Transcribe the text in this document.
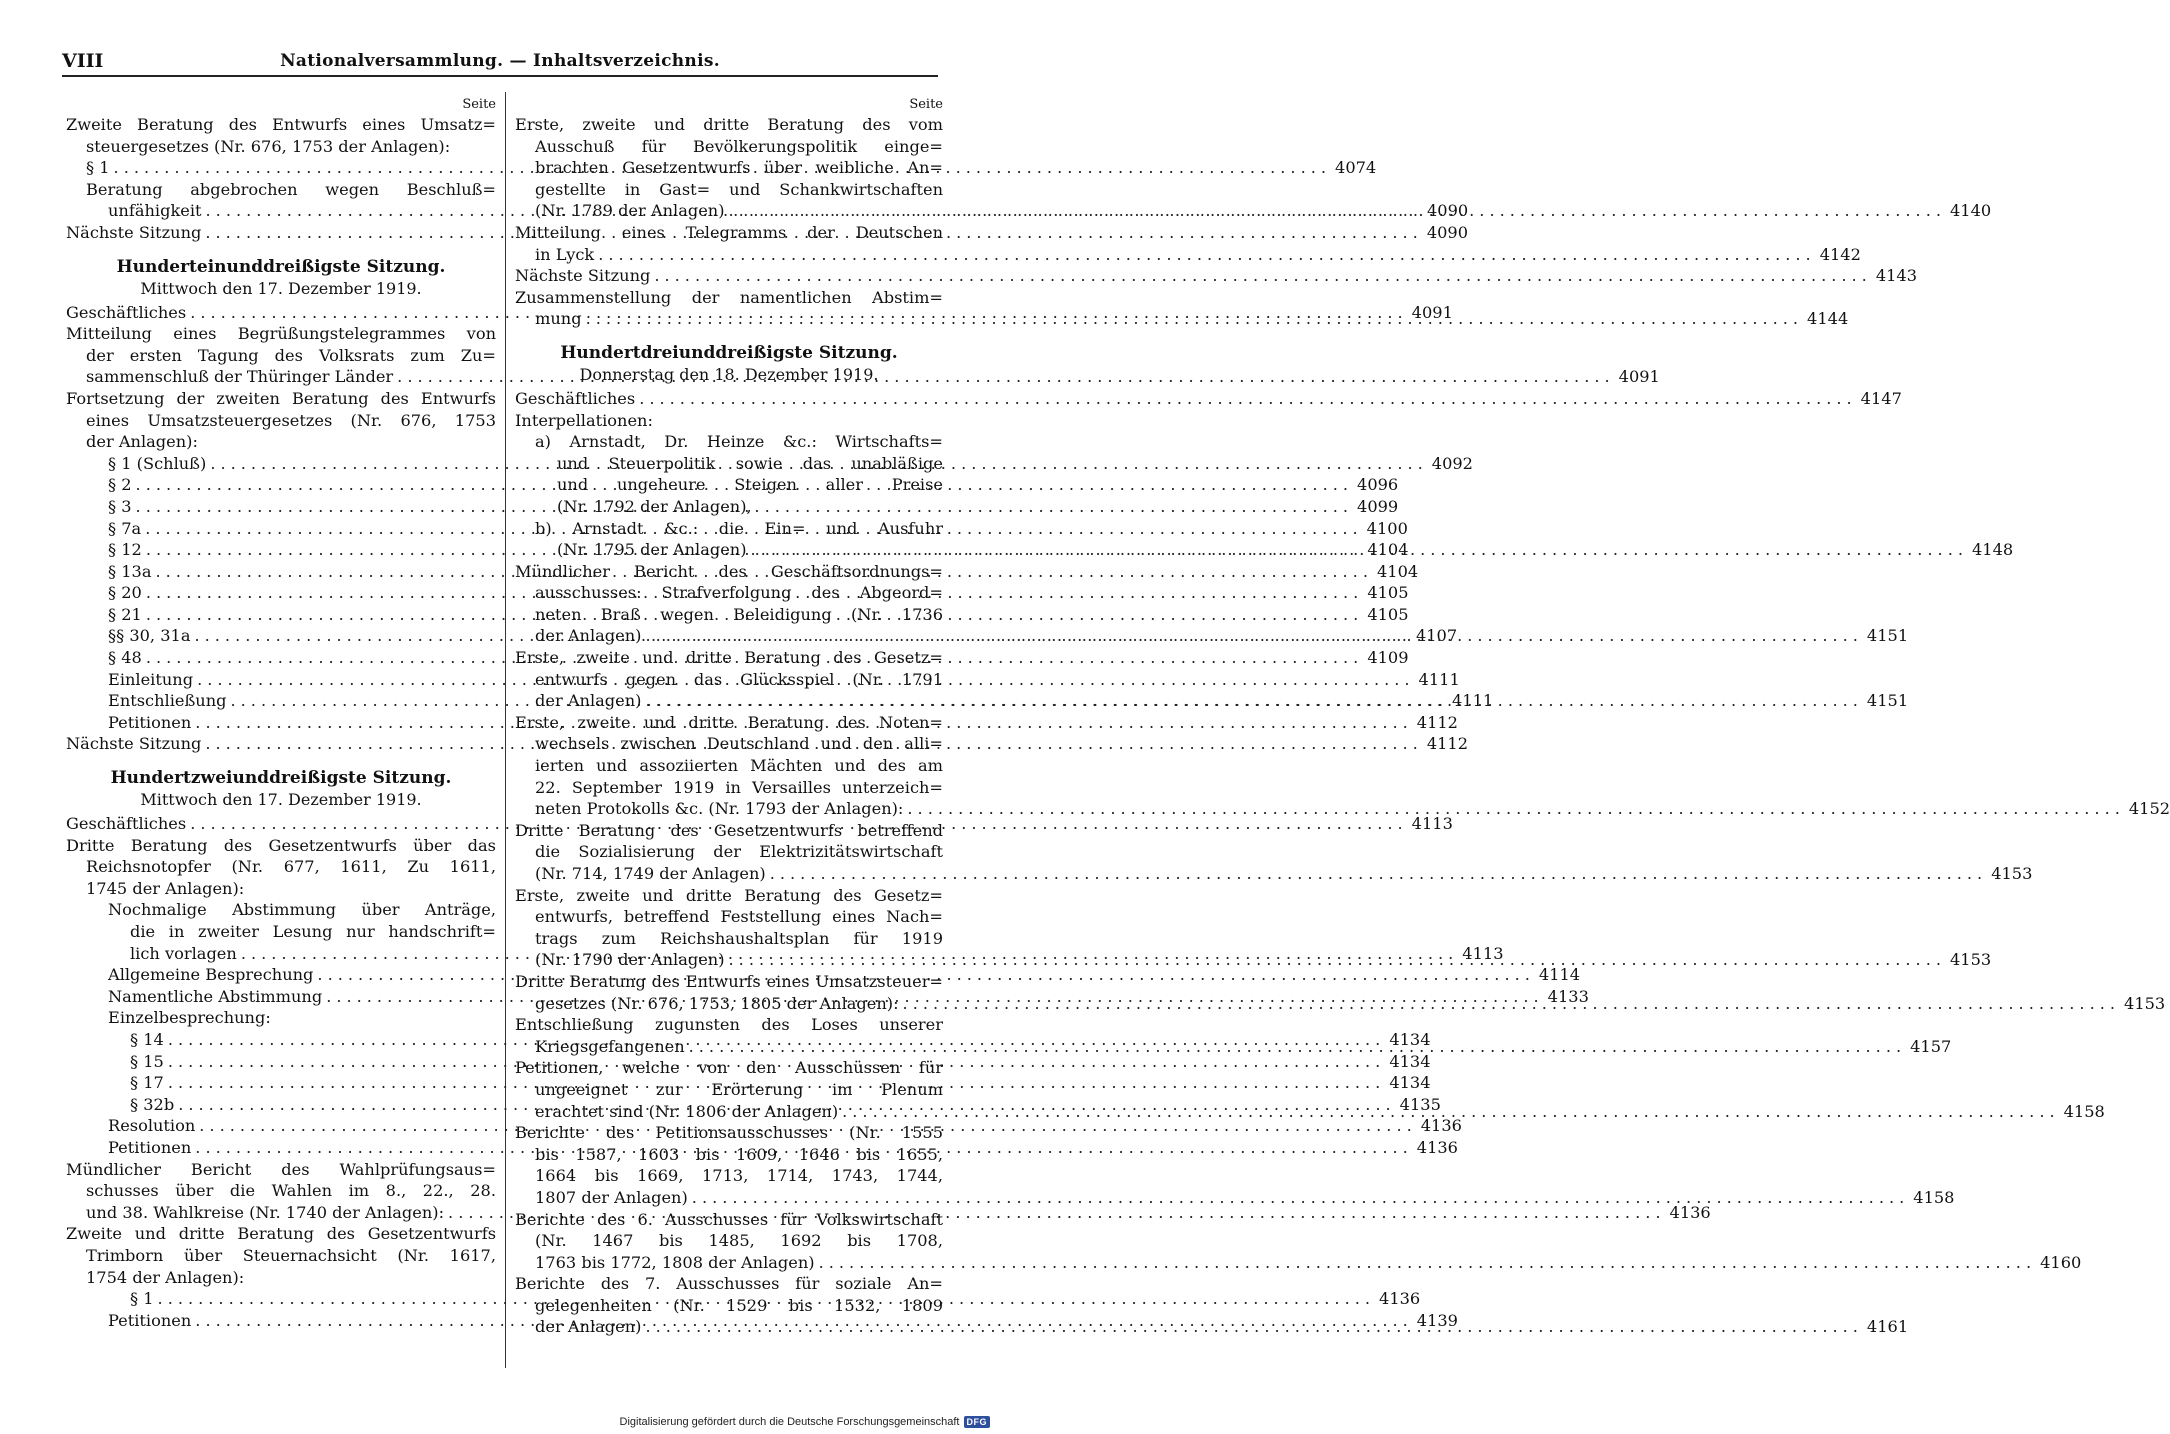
VIII	Nationalversammlung. — Inhaltsverzeichnis.
Seite
Zweite Beratung des Entwurfs eines Umsatz=
steuergesetzes (Nr. 676, 1753 der Anlagen):
§ 1 .....	4074
Beratung abgebrochen wegen Beschluß=
unfähigkeit .....	4090
Nächste Sitzung .....	4090
Hunderteinunddreißigste Sitzung.
Mittwoch den 17. Dezember 1919.
Geschäftliches .....	4091
Mitteilung eines Begrüßungstelegrammes von
der ersten Tagung des Volksrats zum Zu=
sammenschluß der Thüringer Länder .....	4091
Fortsetzung der zweiten Beratung des Entwurfs
eines Umsatzsteuergesetzes (Nr. 676, 1753
der Anlagen):
§ 1 (Schluß) .....	4092
§ 2 .....	4096
§ 3 .....	4099
§ 7a .....	4100
§ 12 .....	4104
§ 13a .....	4104
§ 20 .....	4105
§ 21 .....	4105
§§ 30, 31a .....	4107
§ 48 .....	4109
Einleitung .....	4111
Entschließung .....	4111
Petitionen .....	4112
Nächste Sitzung .....	4112
Hundertzweiunddreißigste Sitzung.
Mittwoch den 17. Dezember 1919.
Geschäftliches .....	4113
Dritte Beratung des Gesetzentwurfs über das
Reichsnotopfer (Nr. 677, 1611, Zu 1611,
1745 der Anlagen):
Nochmalige Abstimmung über Anträge,
die in zweiter Lesung nur handschrift=
lich vorlagen .....	4113
Allgemeine Besprechung .....	4114
Namentliche Abstimmung .....	4133
Einzelbesprechung:
§ 14 .....	4134
§ 15 .....	4134
§ 17 .....	4134
§ 32b .....	4135
Resolution .....	4136
Petitionen .....	4136
Mündlicher Bericht des Wahlprüfungsaus=
schusses über die Wahlen im 8., 22., 28.
und 38. Wahlkreise (Nr. 1740 der Anlagen): .....	4136
Zweite und dritte Beratung des Gesetzentwurfs
Trimborn über Steuernachsicht (Nr. 1617,
1754 der Anlagen):
§ 1 .....	4136
Petitionen .....	4139
Seite
Erste, zweite und dritte Beratung des vom
Ausschuß für Bevölkerungspolitik einge=
brachten Gesetzentwurfs über weibliche An=
gestellte in Gast= und Schankwirtschaften
(Nr. 1789 der Anlagen) .....	4140
Mitteilung eines Telegramms der Deutschen
in Lyck .....	4142
Nächste Sitzung .....	4143
Zusammenstellung der namentlichen Abstim=
mung .....	4144
Hundertdreiunddreißigste Sitzung.
Donnerstag den 18. Dezember 1919.
Geschäftliches .....	4147
Interpellationen:
a) Arnstadt, Dr. Heinze &c.: Wirtschafts=
und Steuerpolitik sowie das unabläßige
und ungeheure Steigen aller Preise
(Nr. 1792 der Anlagen),
b) Arnstadt &c.: die Ein= und Ausfuhr
(Nr. 1795 der Anlagen) .....	4148
Mündlicher Bericht des Geschäftsordnungs=
ausschusses: Strafverfolgung des Abgeord=
neten Braß wegen Beleidigung (Nr. 1736
der Anlagen) .....	4151
Erste, zweite und dritte Beratung des Gesetz=
entwurfs gegen das Glücksspiel (Nr. 1791
der Anlagen) .....	4151
Erste, zweite und dritte Beratung des Noten=
wechsels zwischen Deutschland und den alli=
ierten und assoziierten Mächten und des am
22. September 1919 in Versailles unterzeich=
neten Protokolls &c. (Nr. 1793 der Anlagen): .....	4152
Dritte Beratung des Gesetzentwurfs betreffend
die Sozialisierung der Elektrizitätswirtschaft
(Nr. 714, 1749 der Anlagen) .....	4153
Erste, zweite und dritte Beratung des Gesetz=
entwurfs, betreffend Feststellung eines Nach=
trags zum Reichshaushaltsplan für 1919
(Nr. 1790 der Anlagen) .....	4153
Dritte Beratung des Entwurfs eines Umsatzsteuer=
gesetzes (Nr. 676, 1753, 1805 der Anlagen): .....	4153
Entschließung zugunsten des Loses unserer
Kriegsgefangenen .....	4157
Petitionen, welche von den Ausschüssen für
ungeeignet zur Erörterung im Plenum
erachtet sind (Nr. 1806 der Anlagen) .....	4158
Berichte des Petitionsausschusses (Nr. 1555
bis 1587, 1603 bis 1609, 1646 bis 1655,
1664 bis 1669, 1713, 1714, 1743, 1744,
1807 der Anlagen) .....	4158
Berichte des 6. Ausschusses für Volkswirtschaft
(Nr. 1467 bis 1485, 1692 bis 1708,
1763 bis 1772, 1808 der Anlagen) .....	4160
Berichte des 7. Ausschusses für soziale An=
gelegenheiten (Nr. 1529 bis 1532, 1809
der Anlagen) .....	4161
Digitalisierung gefördert durch die Deutsche Forschungsgemeinschaft DFG
